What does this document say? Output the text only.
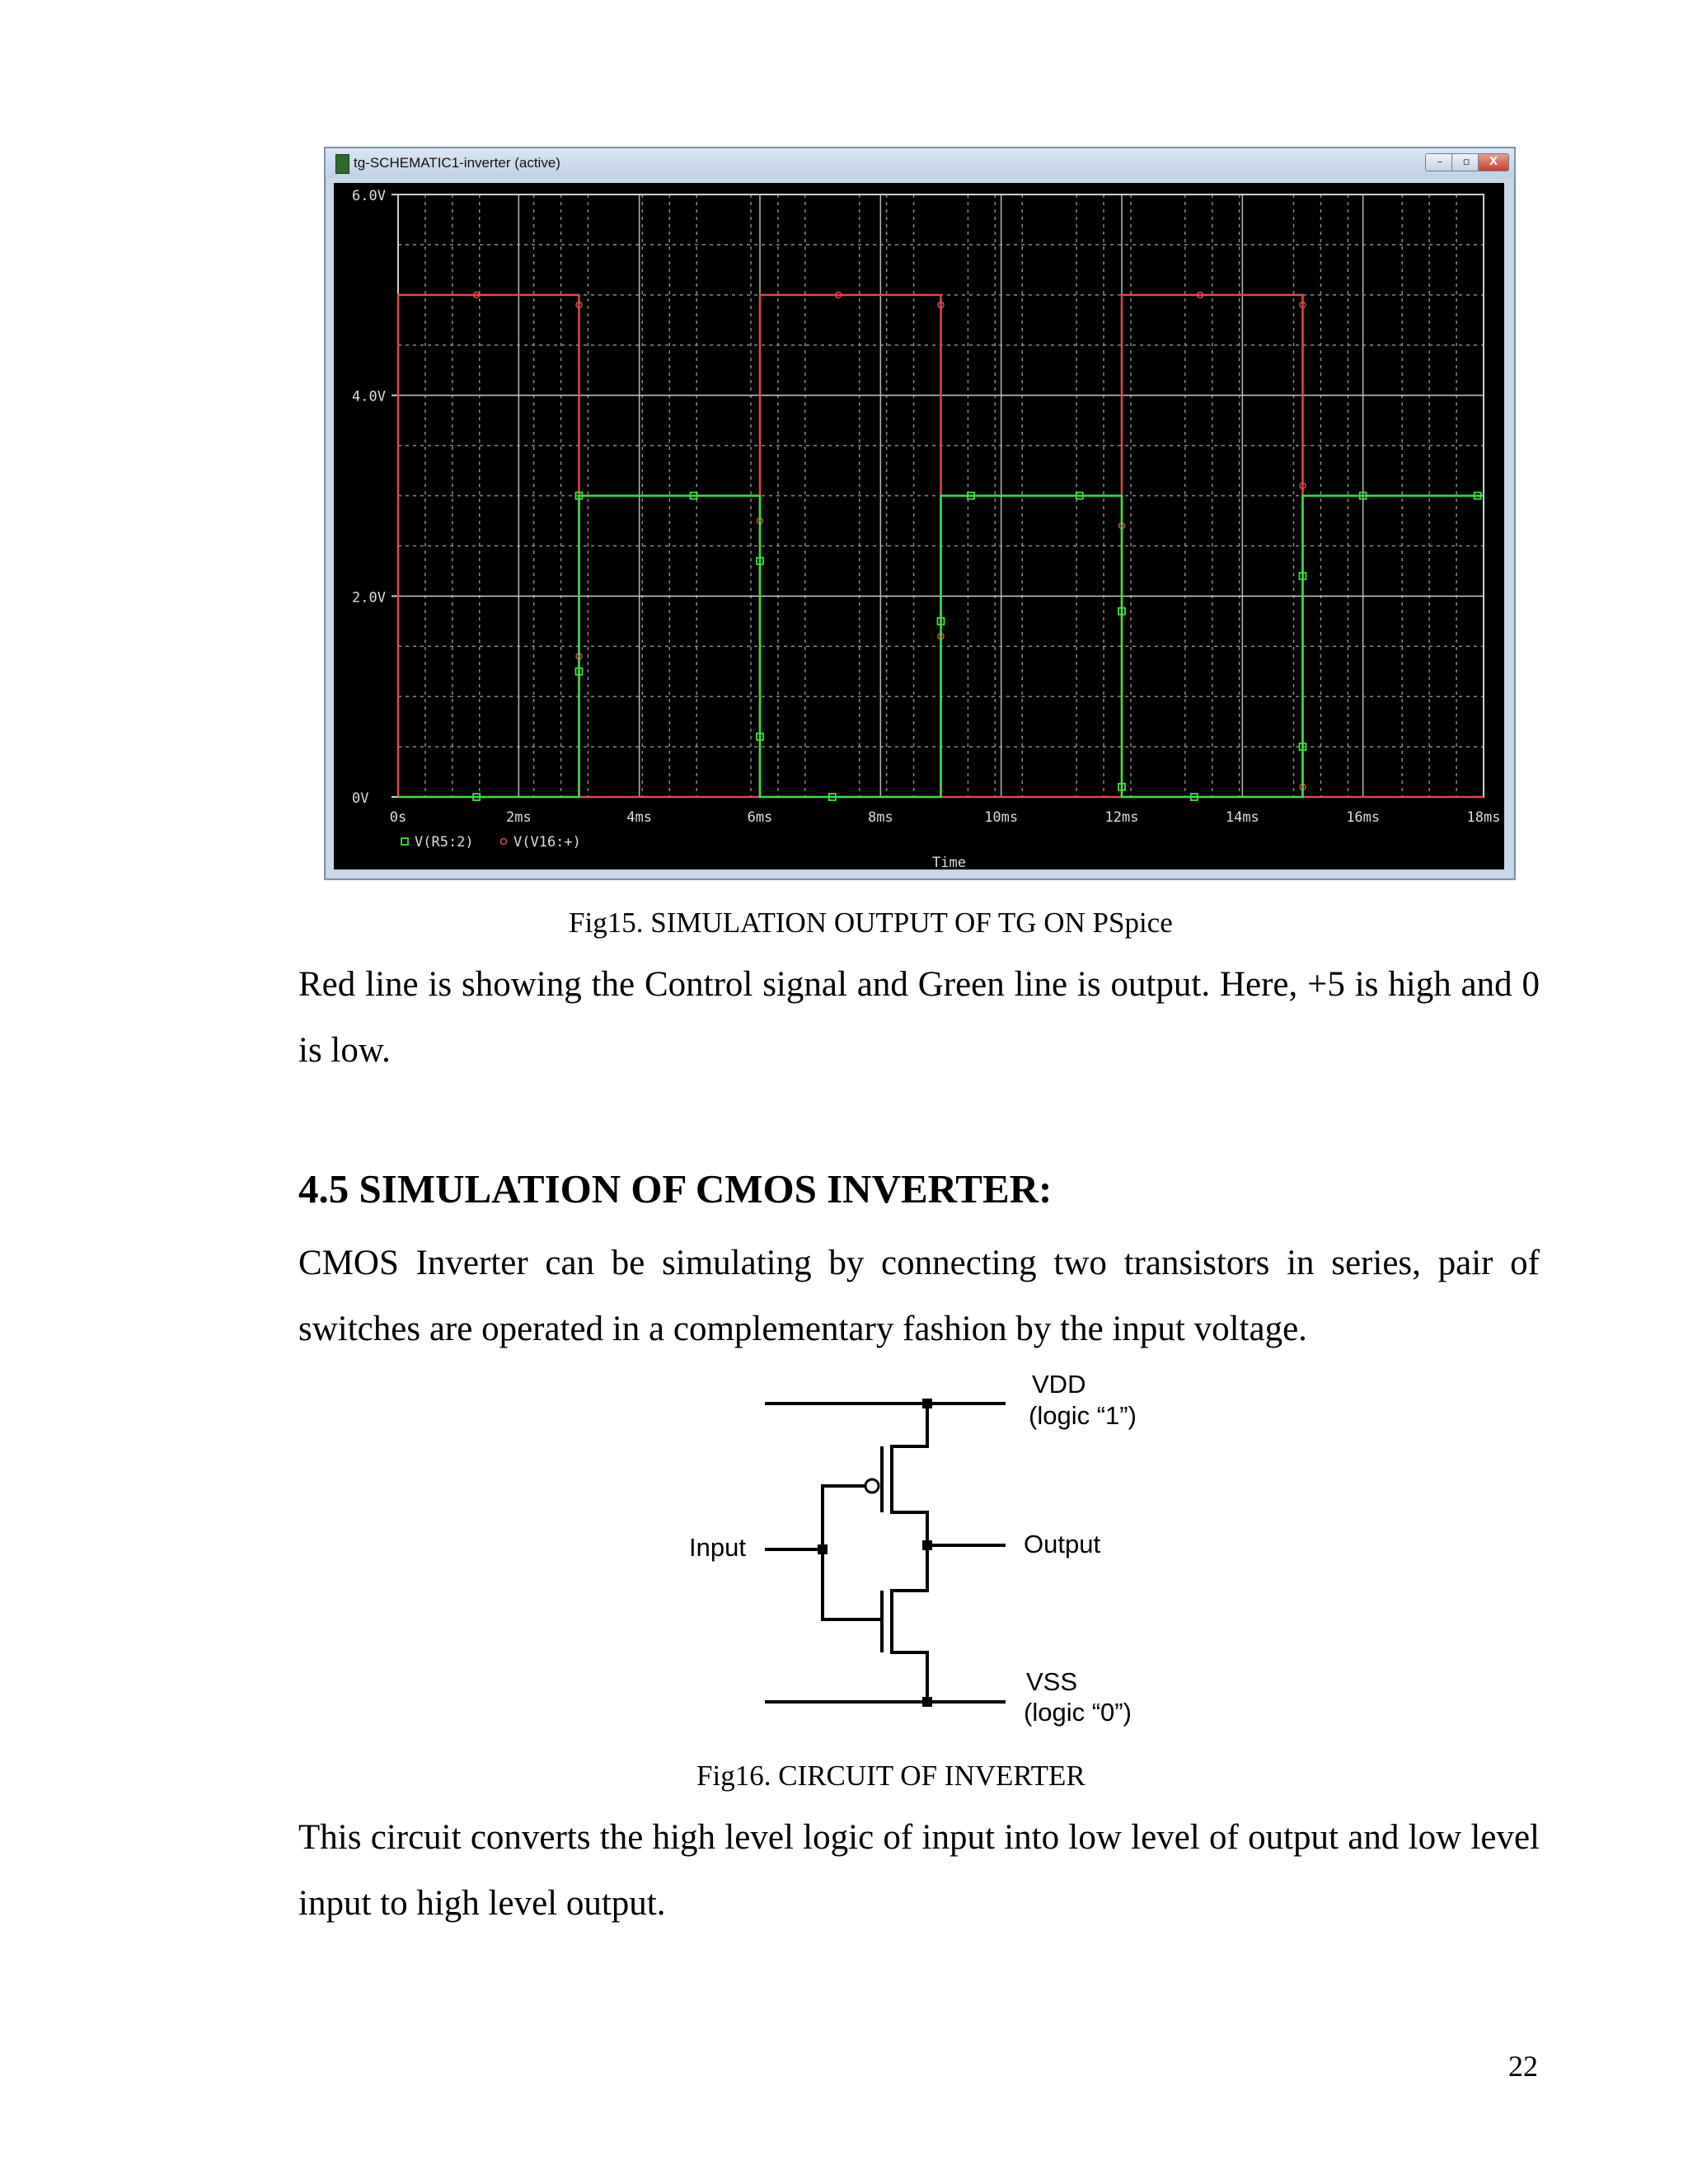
tg-SCHEMATIC1-inverter (active)	–	▫	X
6.0V
4.0V
2.0V
0V
0s	2ms	4ms	6ms	8ms	10ms	12ms	14ms	16ms	18ms
Time
V(R5:2)	V(V16:+)
Fig15. SIMULATION OUTPUT OF TG ON PSpice
Red line is showing the Control signal and Green line is output. Here, +5 is high and 0 is low.
4.5 SIMULATION OF CMOS INVERTER:
CMOS Inverter can be simulating by connecting two transistors in series, pair of switches are operated in a complementary fashion by the input voltage.
VDD
(logic “1”)
Input	Output
VSS
(logic “0”)
Fig16. CIRCUIT OF INVERTER
This circuit converts the high level logic of input into low level of output and low level input to high level output.
22
